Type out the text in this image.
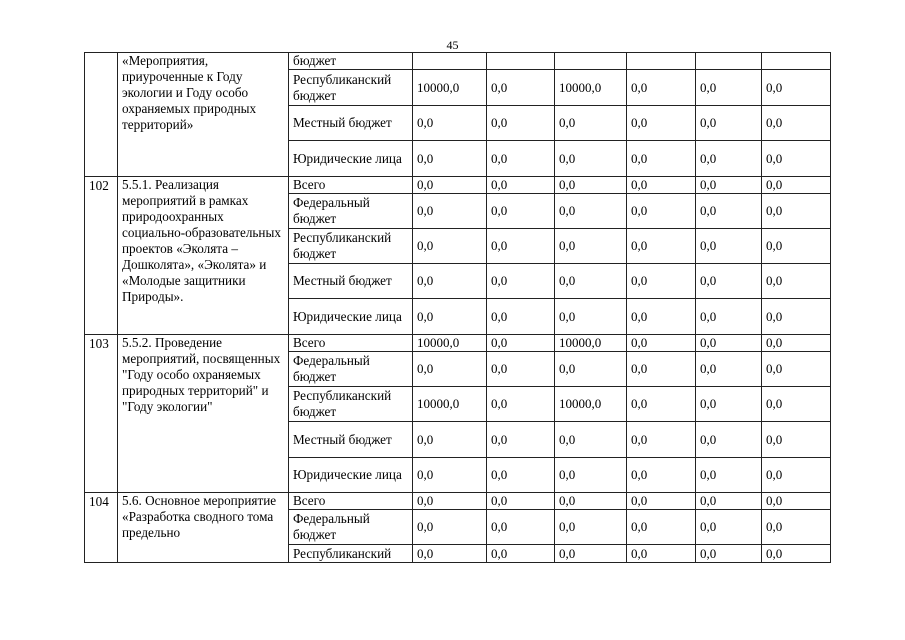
45
	«Мероприятия, приуроченные к Году экологии и Году особо охраняемых природных территорий»	бюджет						
		Республиканский бюджет	10000,0	0,0	10000,0	0,0	0,0	0,0
		Местный бюджет	0,0	0,0	0,0	0,0	0,0	0,0
		Юридические лица	0,0	0,0	0,0	0,0	0,0	0,0
102	5.5.1. Реализация мероприятий в рамках природоохранных социально-образовательных проектов «Эколята – Дошколята», «Эколята» и «Молодые защитники Природы».	Всего	0,0	0,0	0,0	0,0	0,0	0,0
		Федеральный бюджет	0,0	0,0	0,0	0,0	0,0	0,0
		Республиканский бюджет	0,0	0,0	0,0	0,0	0,0	0,0
		Местный бюджет	0,0	0,0	0,0	0,0	0,0	0,0
		Юридические лица	0,0	0,0	0,0	0,0	0,0	0,0
103	5.5.2. Проведение мероприятий, посвященных "Году особо охраняемых природных территорий" и "Году экологии"	Всего	10000,0	0,0	10000,0	0,0	0,0	0,0
		Федеральный бюджет	0,0	0,0	0,0	0,0	0,0	0,0
		Республиканский бюджет	10000,0	0,0	10000,0	0,0	0,0	0,0
		Местный бюджет	0,0	0,0	0,0	0,0	0,0	0,0
		Юридические лица	0,0	0,0	0,0	0,0	0,0	0,0
104	5.6. Основное мероприятие «Разработка сводного тома предельно	Всего	0,0	0,0	0,0	0,0	0,0	0,0
		Федеральный бюджет	0,0	0,0	0,0	0,0	0,0	0,0
		Республиканский	0,0	0,0	0,0	0,0	0,0	0,0
